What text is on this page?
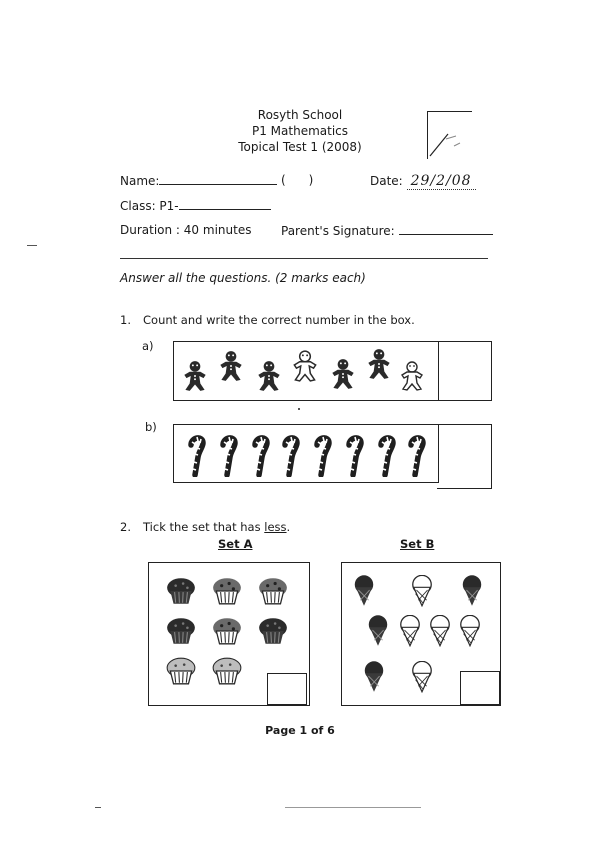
Rosyth School
P1 Mathematics
Topical Test 1 (2008)
Name:	(      )	Date: 29/2/08
Class: P1-
Duration : 40 minutes Parent's Signature:
Answer all the questions. (2 marks each)
1. Count and write the correct number in the box.
a)
b)
2. Tick the set that has less.
Set A	Set B
Page 1 of 6
